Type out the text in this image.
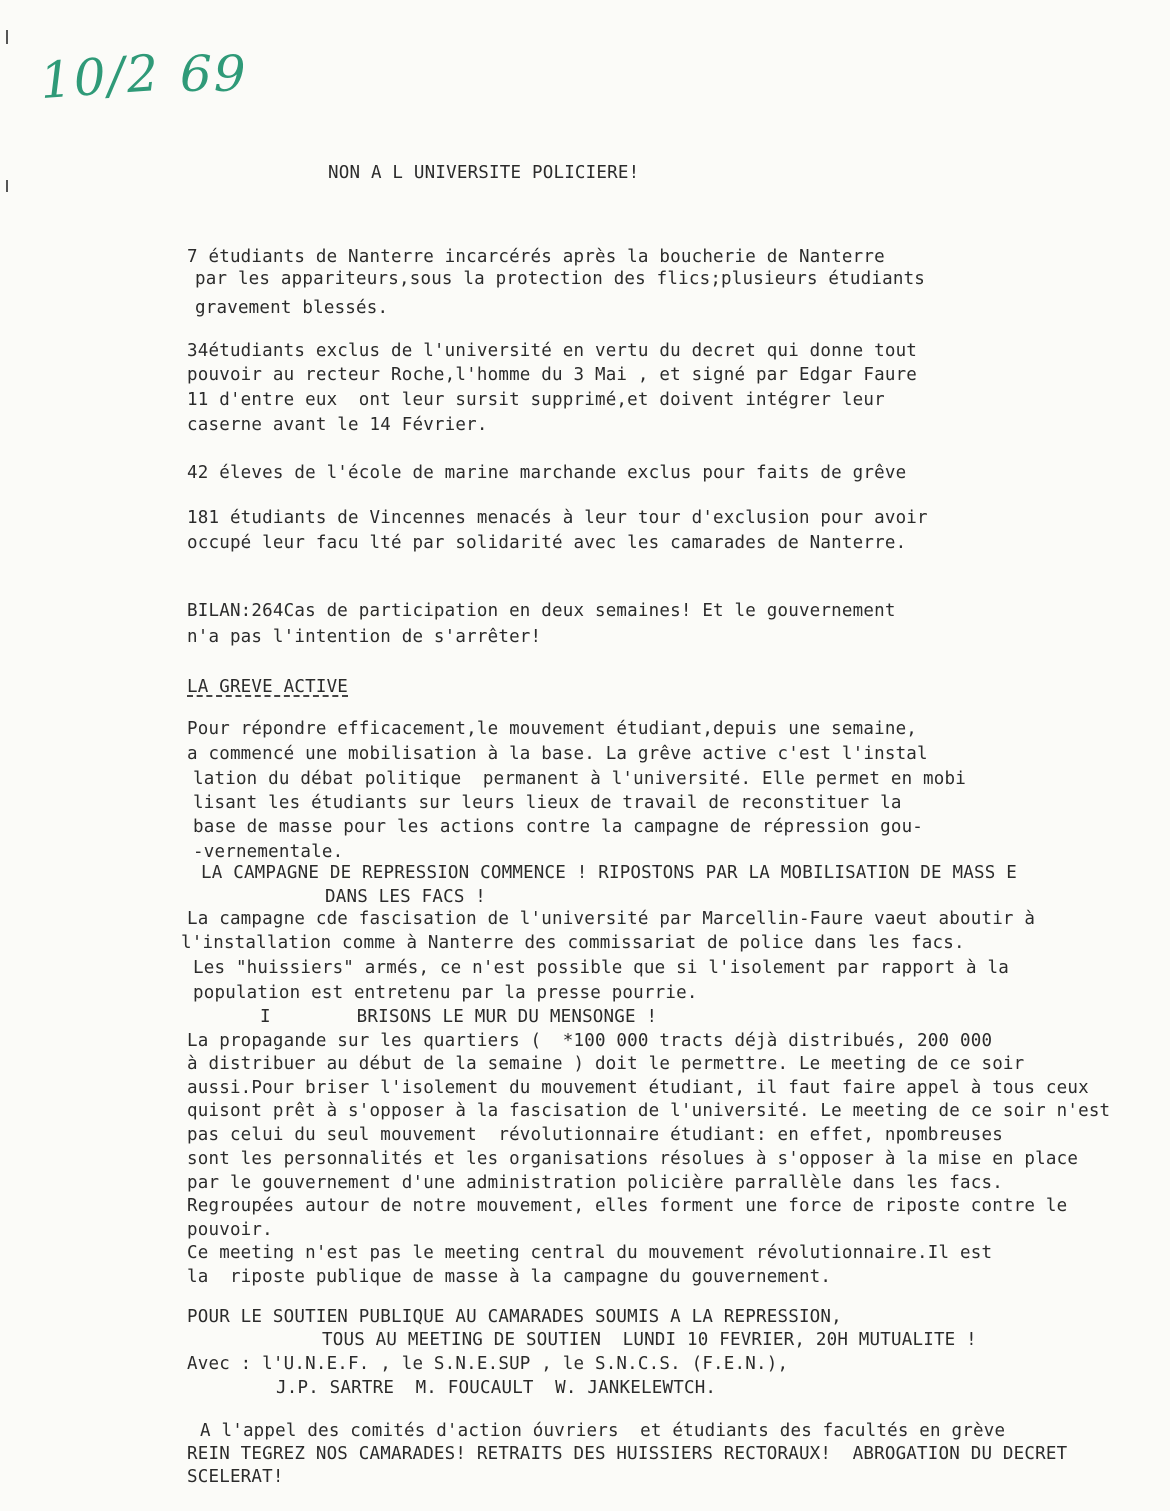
10/2 69
NON A L UNIVERSITE POLICIERE!
7 étudiants de Nanterre incarcérés après la boucherie de Nanterre
par les appariteurs,sous la protection des flics;plusieurs étudiants
gravement blessés.
34étudiants exclus de l'université en vertu du decret qui donne tout
pouvoir au recteur Roche,l'homme du 3 Mai , et signé par Edgar Faure
11 d'entre eux  ont leur sursit supprimé,et doivent intégrer leur
caserne avant le 14 Février.
42 éleves de l'école de marine marchande exclus pour faits de grêve
181 étudiants de Vincennes menacés à leur tour d'exclusion pour avoir
occupé leur facu lté par solidarité avec les camarades de Nanterre.
BILAN:264Cas de participation en deux semaines! Et le gouvernement
n'a pas l'intention de s'arrêter!
LA GREVE ACTIVE
Pour répondre efficacement,le mouvement étudiant,depuis une semaine,
a commencé une mobilisation à la base. La grêve active c'est l'instal
lation du débat politique  permanent à l'université. Elle permet en mobi
lisant les étudiants sur leurs lieux de travail de reconstituer la
base de masse pour les actions contre la campagne de répression gou-
-vernementale.
LA CAMPAGNE DE REPRESSION COMMENCE ! RIPOSTONS PAR LA MOBILISATION DE MASS E
DANS LES FACS !
La campagne cde fascisation de l'université par Marcellin-Faure vaeut aboutir à
l'installation comme à Nanterre des commissariat de police dans les facs.
Les "huissiers" armés, ce n'est possible que si l'isolement par rapport à la
population est entretenu par la presse pourrie.
I        BRISONS LE MUR DU MENSONGE !
La propagande sur les quartiers (  *100 000 tracts déjà distribués, 200 000
à distribuer au début de la semaine ) doit le permettre. Le meeting de ce soir
aussi.Pour briser l'isolement du mouvement étudiant, il faut faire appel à tous ceux
quisont prêt à s'opposer à la fascisation de l'université. Le meeting de ce soir n'est
pas celui du seul mouvement  révolutionnaire étudiant: en effet, npombreuses
sont les personnalités et les organisations résolues à s'opposer à la mise en place
par le gouvernement d'une administration policière parrallèle dans les facs.
Regroupées autour de notre mouvement, elles forment une force de riposte contre le
pouvoir.
Ce meeting n'est pas le meeting central du mouvement révolutionnaire.Il est
la  riposte publique de masse à la campagne du gouvernement.
POUR LE SOUTIEN PUBLIQUE AU CAMARADES SOUMIS A LA REPRESSION,
TOUS AU MEETING DE SOUTIEN  LUNDI 10 FEVRIER, 20H MUTUALITE !
Avec : l'U.N.E.F. , le S.N.E.SUP , le S.N.C.S. (F.E.N.),
J.P. SARTRE  M. FOUCAULT  W. JANKELEWTCH.
A l'appel des comités d'action óuvriers  et étudiants des facultés en grève
REIN TEGREZ NOS CAMARADES! RETRAITS DES HUISSIERS RECTORAUX!  ABROGATION DU DECRET
SCELERAT!
